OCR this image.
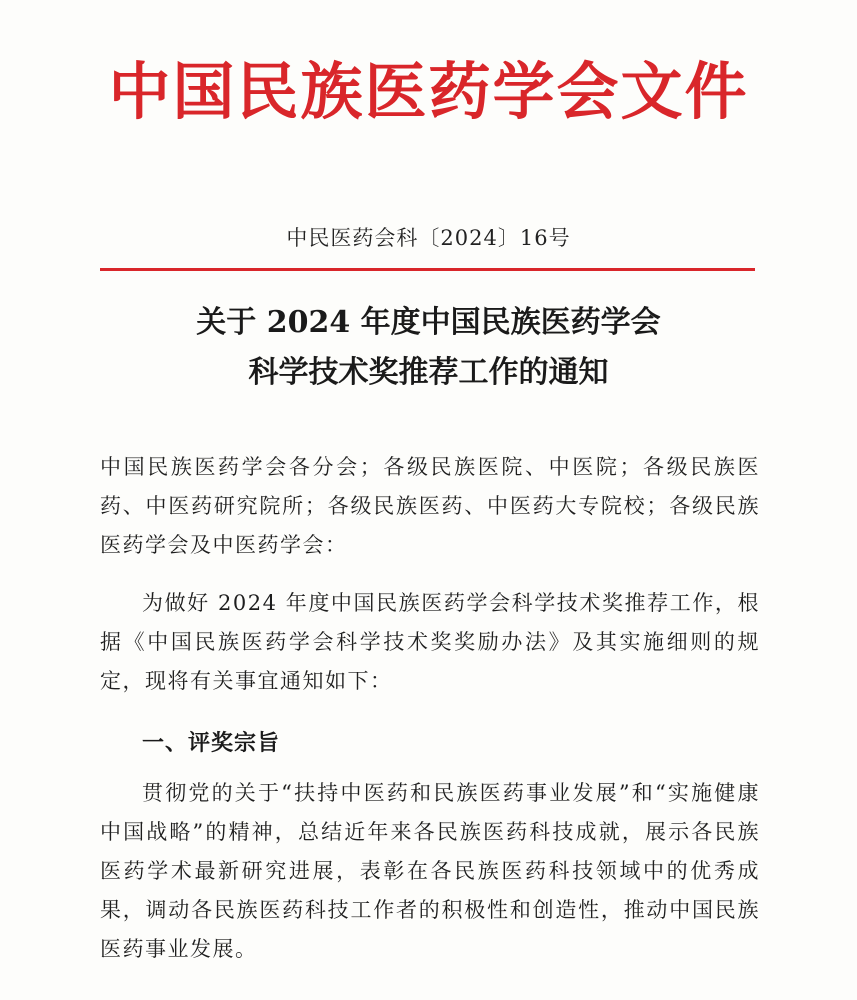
中国民族医药学会文件
中民医药会科〔2024〕16号
关于 2024 年度中国民族医药学会
科学技术奖推荐工作的通知
中国民族医药学会各分会；各级民族医院、中医院；各级民族医药、中医药研究院所；各级民族医药、中医药大专院校；各级民族医药学会及中医药学会：
为做好 2024 年度中国民族医药学会科学技术奖推荐工作，根据《中国民族医药学会科学技术奖奖励办法》及其实施细则的规定，现将有关事宜通知如下：
一、评奖宗旨
贯彻党的关于“扶持中医药和民族医药事业发展”和“实施健康中国战略”的精神，总结近年来各民族医药科技成就，展示各民族医药学术最新研究进展，表彰在各民族医药科技领域中的优秀成果，调动各民族医药科技工作者的积极性和创造性，推动中国民族医药事业发展。
